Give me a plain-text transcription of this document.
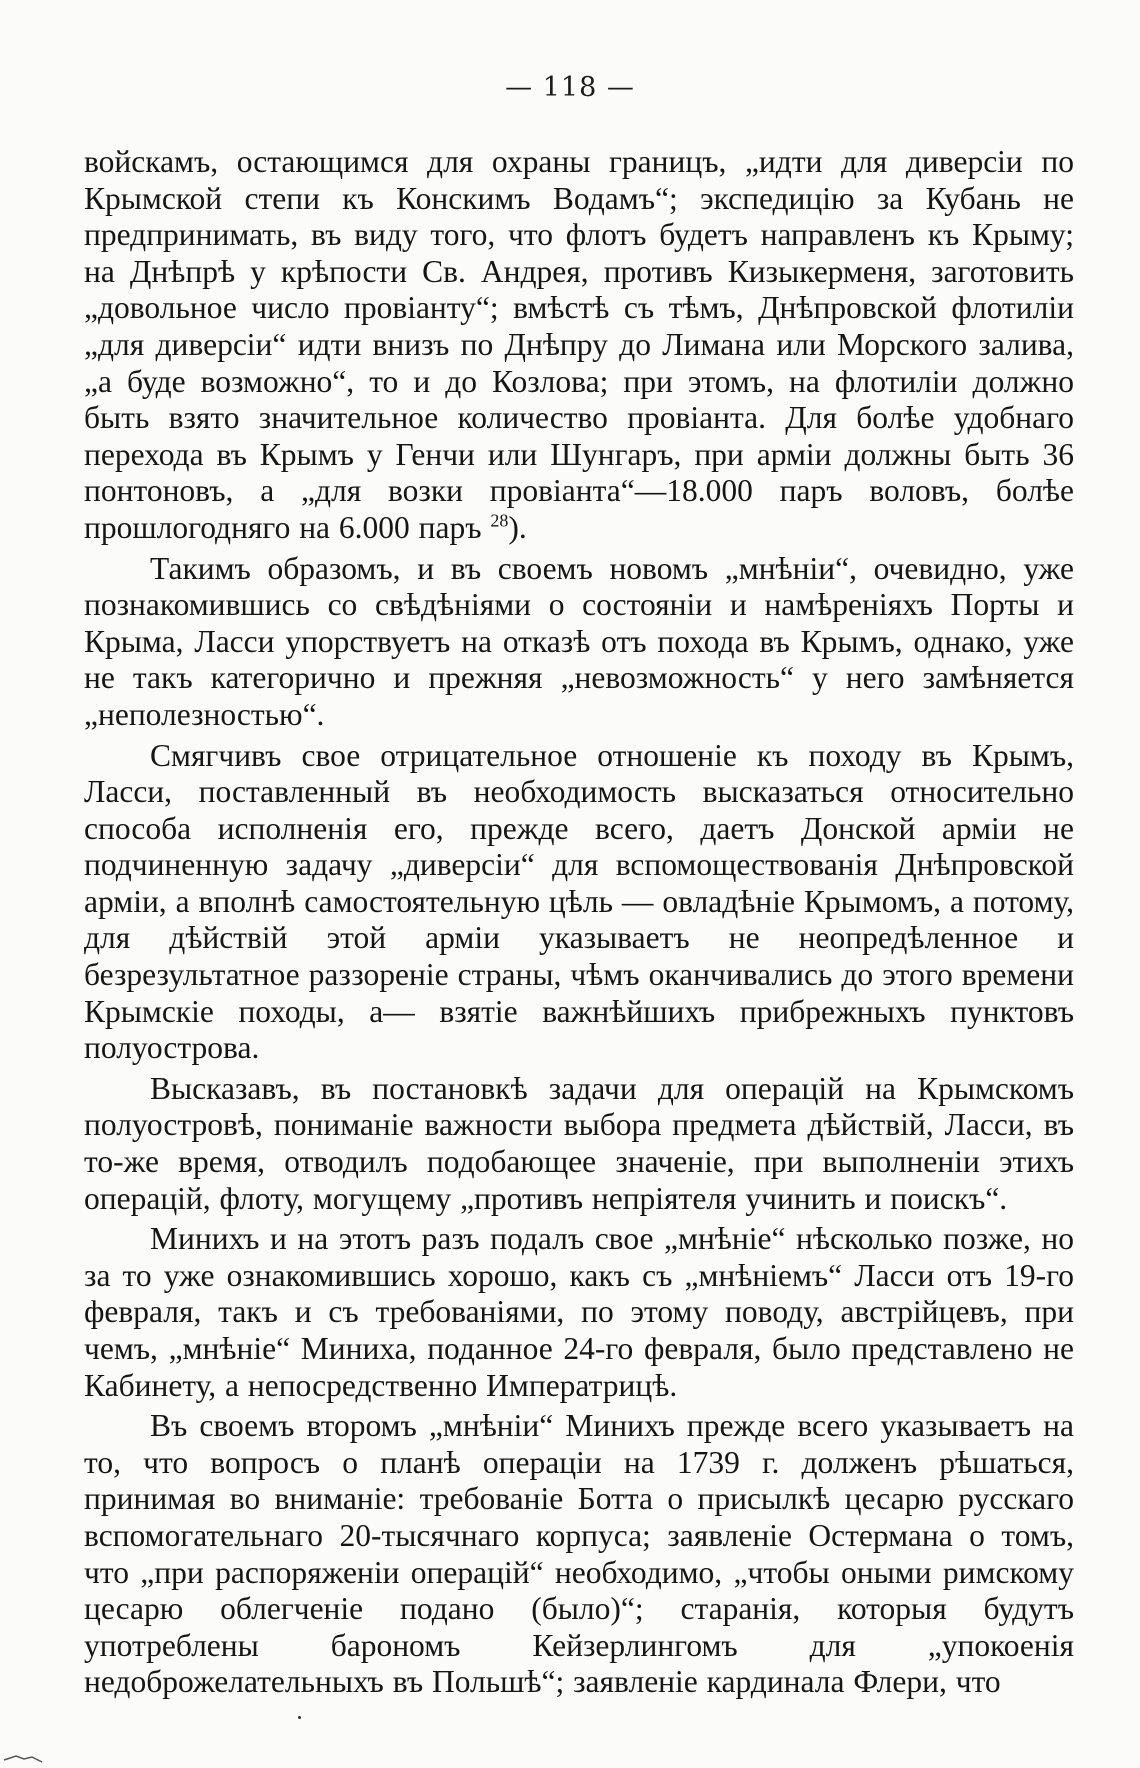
— 118 —

войскамъ, остающимся для охраны границъ, „идти для диверсіи по Крымской степи къ Конскимъ Водамъ“; экспедицію за Кубань не предпринимать, въ виду того, что флотъ будетъ направленъ къ Крыму; на Днѣпрѣ у крѣпости Св. Андрея, противъ Кизыкерменя, заготовить „довольное число провіанту“; вмѣстѣ съ тѣмъ, Днѣпровской флотиліи „для диверсіи“ идти внизъ по Днѣпру до Лимана или Морского залива, „а буде возможно“, то и до Козлова; при этомъ, на флотиліи должно быть взято значительное количество провіанта. Для болѣе удобнаго перехода въ Крымъ у Генчи или Шунгаръ, при арміи должны быть 36 понтоновъ, а „для возки провіанта“—18.000 паръ воловъ, болѣе прошлогодняго на 6.000 паръ $^{28}$).

Такимъ образомъ, и въ своемъ новомъ „мнѣніи“, очевидно, уже познакомившись со свѣдѣніями о состояніи и намѣреніяхъ Порты и Крыма, Ласси упорствуетъ на отказѣ отъ похода въ Крымъ, однако, уже не такъ категорично и прежняя „невозможность“ у него замѣняется „неполезностью“.

Смягчивъ свое отрицательное отношеніе къ походу въ Крымъ, Ласси, поставленный въ необходимость высказаться относительно способа исполненія его, прежде всего, даетъ Донской арміи не подчиненную задачу „диверсіи“ для вспомоществованія Днѣпровской арміи, а вполнѣ самостоятельную цѣль — овладѣніе Крымомъ, а потому, для дѣйствій этой арміи указываетъ не неопредѣленное и безрезультатное раззореніе страны, чѣмъ оканчивались до этого времени Крымскіе походы, а— взятіе важнѣйшихъ прибрежныхъ пунктовъ полуострова.

Высказавъ, въ постановкѣ задачи для операцій на Крымскомъ полуостровѣ, пониманіе важности выбора предмета дѣйствій, Ласси, въ то-же время, отводилъ подобающее значеніе, при выполненіи этихъ операцій, флоту, могущему „противъ непріятеля учинить и поискъ“.

Минихъ и на этотъ разъ подалъ свое „мнѣніе“ нѣсколько позже, но за то уже ознакомившись хорошо, какъ съ „мнѣніемъ“ Ласси отъ 19-го февраля, такъ и съ требованіями, по этому поводу, австрійцевъ, при чемъ, „мнѣніе“ Миниха, поданное 24-го февраля, было представлено не Кабинету, а непосредственно Императрицѣ.

Въ своемъ второмъ „мнѣніи“ Минихъ прежде всего указываетъ на то, что вопросъ о планѣ операціи на 1739 г. долженъ рѣшаться, принимая во вниманіе: требованіе Ботта о присылкѣ цесарю русскаго вспомогательнаго 20-тысячнаго корпуса; заявленіе Остермана о томъ, что „при распоряженіи операцій“ необходимо, „чтобы оными римскому цесарю облегченіе подано (было)“; старанія, которыя будутъ употреблены барономъ Кейзерлингомъ для „упокоенія недоброжелательныхъ въ Польшѣ“; заявленіе кардинала Флери, что
